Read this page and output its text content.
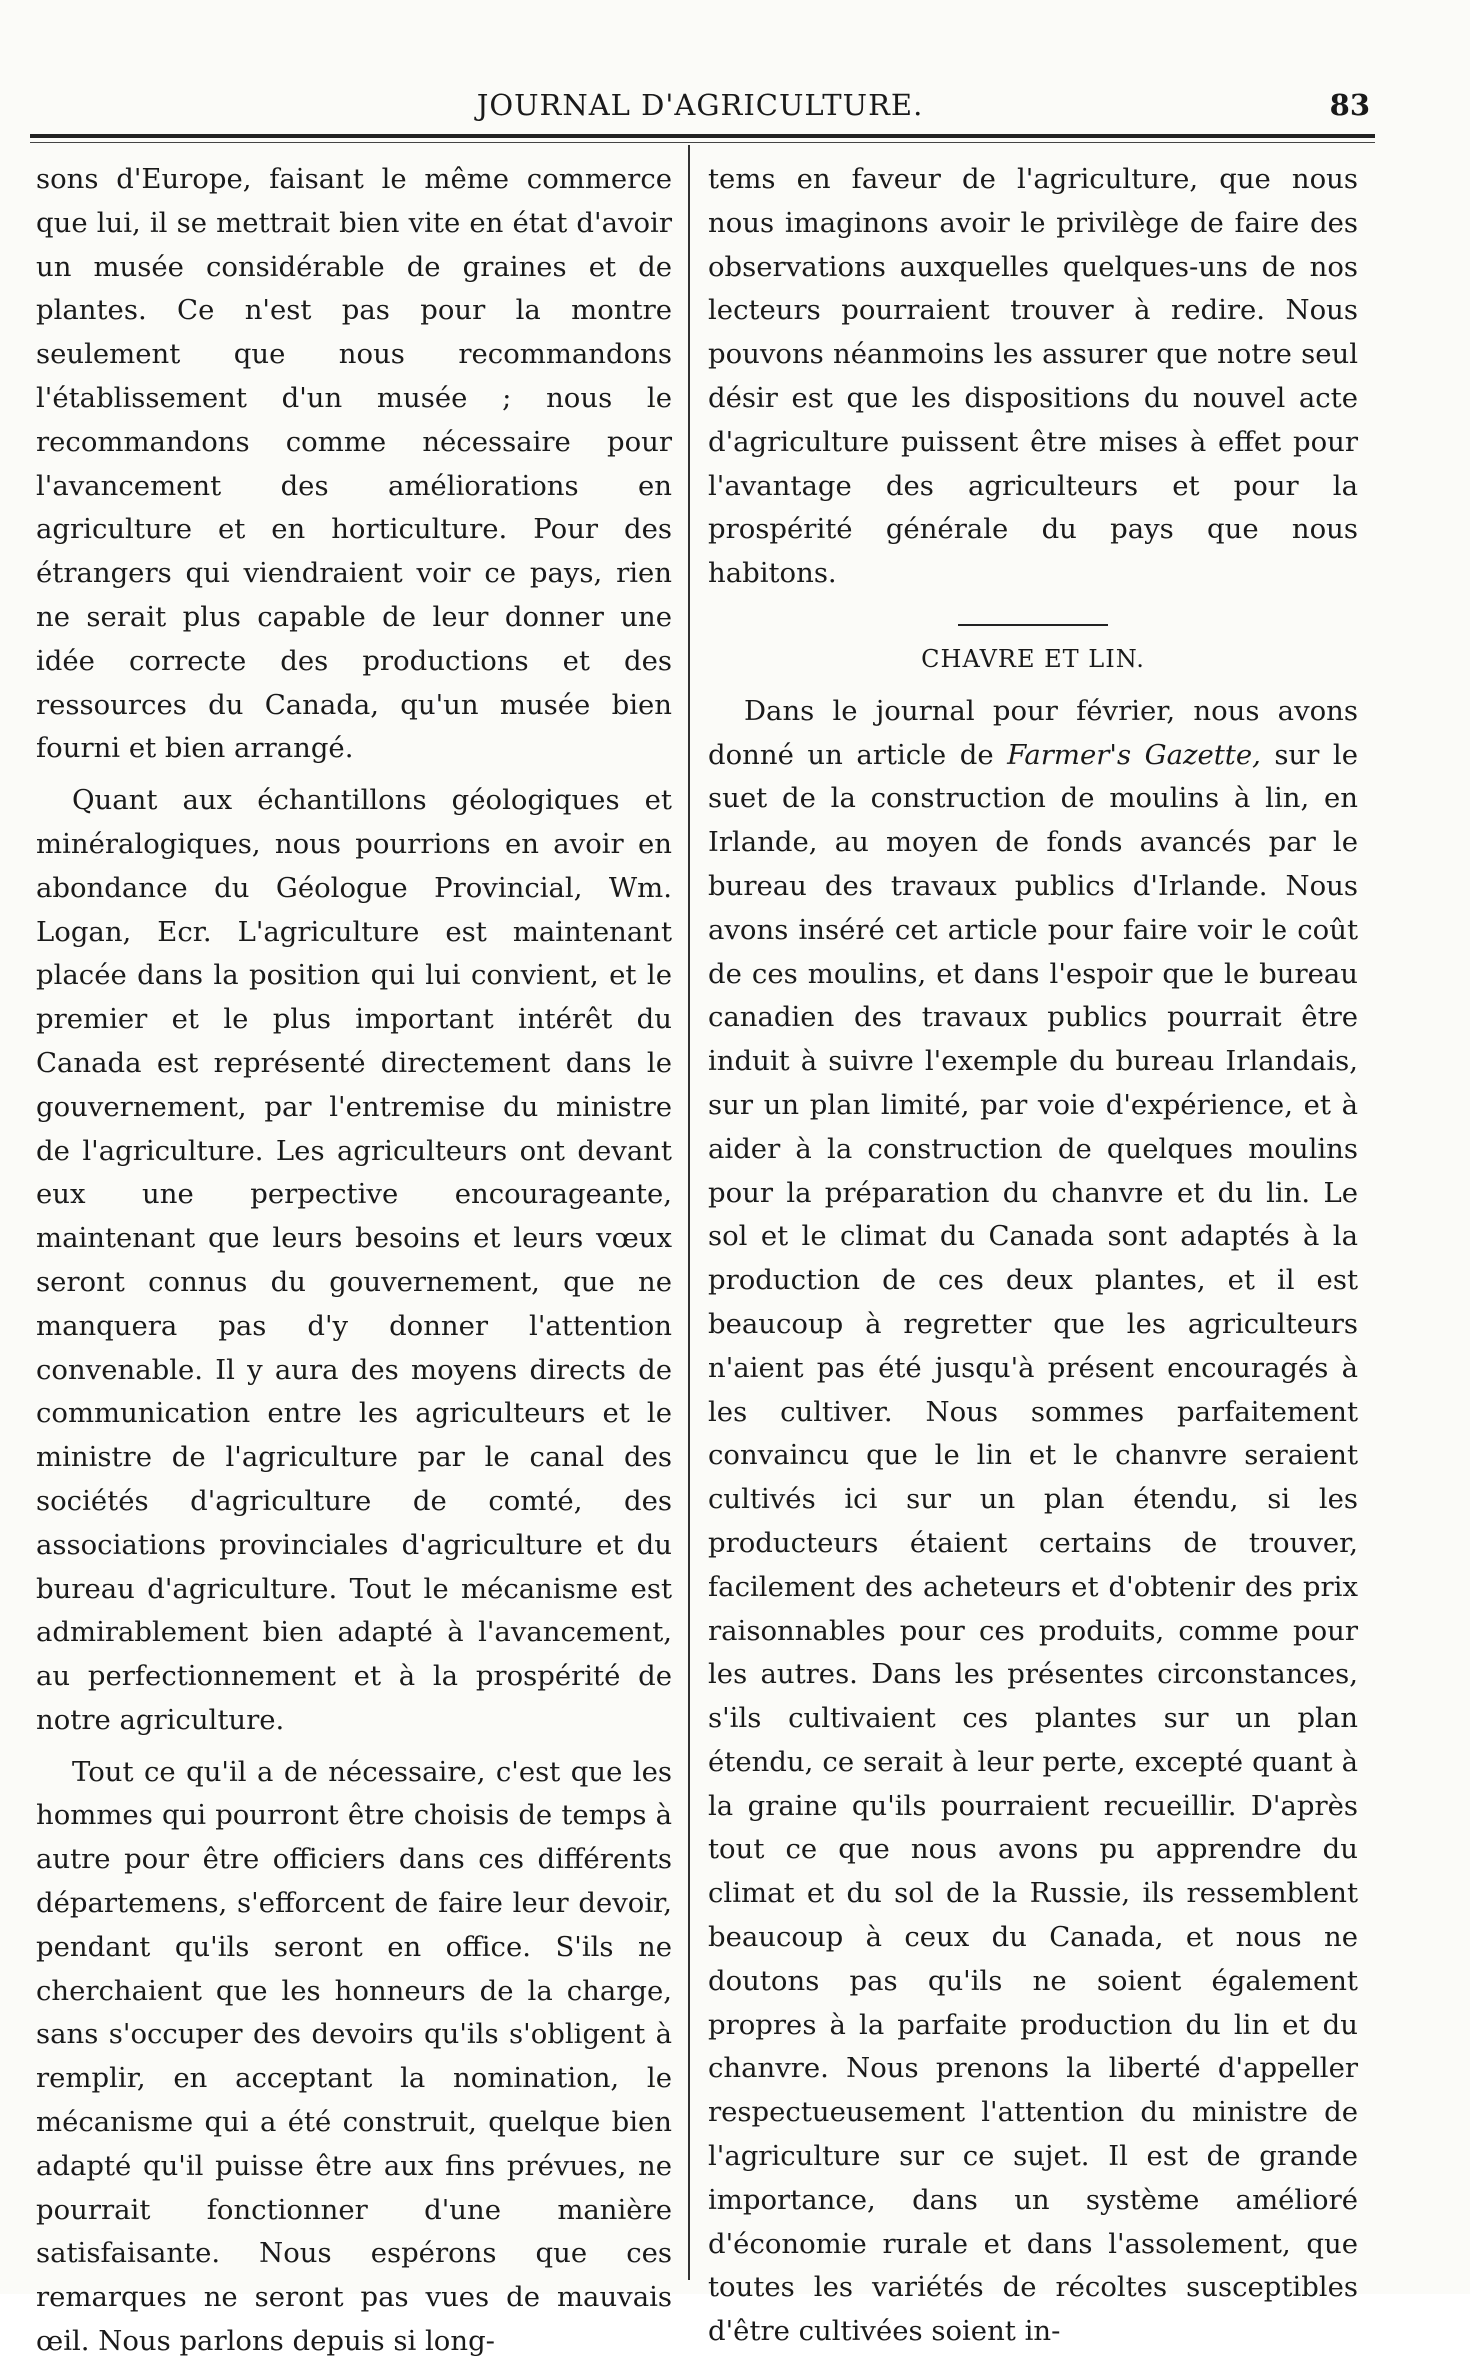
JOURNAL D'AGRICULTURE.	83

sons d'Europe, faisant le même commerce que lui, il se mettrait bien vite en état d'avoir un musée considérable de graines et de plantes. Ce n'est pas pour la montre seulement que nous recommandons l'établissement d'un musée ; nous le recommandons comme nécessaire pour l'avancement des améliorations en agriculture et en horticulture. Pour des étrangers qui viendraient voir ce pays, rien ne serait plus capable de leur donner une idée correcte des productions et des ressources du Canada, qu'un musée bien fourni et bien arrangé.

Quant aux échantillons géologiques et minéralogiques, nous pourrions en avoir en abondance du Géologue Provincial, Wm. Logan, Ecr. L'agriculture est maintenant placée dans la position qui lui convient, et le premier et le plus important intérêt du Canada est représenté directement dans le gouvernement, par l'entremise du ministre de l'agriculture. Les agriculteurs ont devant eux une perpective encourageante, maintenant que leurs besoins et leurs vœux seront connus du gouvernement, que ne manquera pas d'y donner l'attention convenable. Il y aura des moyens directs de communication entre les agriculteurs et le ministre de l'agriculture par le canal des sociétés d'agriculture de comté, des associations provinciales d'agriculture et du bureau d'agriculture. Tout le mécanisme est admirablement bien adapté à l'avancement, au perfectionnement et à la prospérité de notre agriculture.

Tout ce qu'il a de nécessaire, c'est que les hommes qui pourront être choisis de temps à autre pour être officiers dans ces différents départemens, s'efforcent de faire leur devoir, pendant qu'ils seront en office. S'ils ne cherchaient que les honneurs de la charge, sans s'occuper des devoirs qu'ils s'obligent à remplir, en acceptant la nomination, le mécanisme qui a été construit, quelque bien adapté qu'il puisse être aux fins prévues, ne pourrait fonctionner d'une manière satisfaisante. Nous espérons que ces remarques ne seront pas vues de mauvais œil. Nous parlons depuis si long-

tems en faveur de l'agriculture, que nous nous imaginons avoir le privilège de faire des observations auxquelles quelques-uns de nos lecteurs pourraient trouver à redire. Nous pouvons néanmoins les assurer que notre seul désir est que les dispositions du nouvel acte d'agriculture puissent être mises à effet pour l'avantage des agriculteurs et pour la prospérité générale du pays que nous habitons.

CHAVRE ET LIN.

Dans le journal pour février, nous avons donné un article de Farmer's Gazette, sur le suet de la construction de moulins à lin, en Irlande, au moyen de fonds avancés par le bureau des travaux publics d'Irlande. Nous avons inséré cet article pour faire voir le coût de ces moulins, et dans l'espoir que le bureau canadien des travaux publics pourrait être induit à suivre l'exemple du bureau Irlandais, sur un plan limité, par voie d'expérience, et à aider à la construction de quelques moulins pour la préparation du chanvre et du lin. Le sol et le climat du Canada sont adaptés à la production de ces deux plantes, et il est beaucoup à regretter que les agriculteurs n'aient pas été jusqu'à présent encouragés à les cultiver. Nous sommes parfaitement convaincu que le lin et le chanvre seraient cultivés ici sur un plan étendu, si les producteurs étaient certains de trouver, facilement des acheteurs et d'obtenir des prix raisonnables pour ces produits, comme pour les autres. Dans les présentes circonstances, s'ils cultivaient ces plantes sur un plan étendu, ce serait à leur perte, excepté quant à la graine qu'ils pourraient recueillir. D'après tout ce que nous avons pu apprendre du climat et du sol de la Russie, ils ressemblent beaucoup à ceux du Canada, et nous ne doutons pas qu'ils ne soient également propres à la parfaite production du lin et du chanvre. Nous prenons la liberté d'appeller respectueusement l'attention du ministre de l'agriculture sur ce sujet. Il est de grande importance, dans un système amélioré d'économie rurale et dans l'assolement, que toutes les variétés de récoltes susceptibles d'être cultivées soient in-
